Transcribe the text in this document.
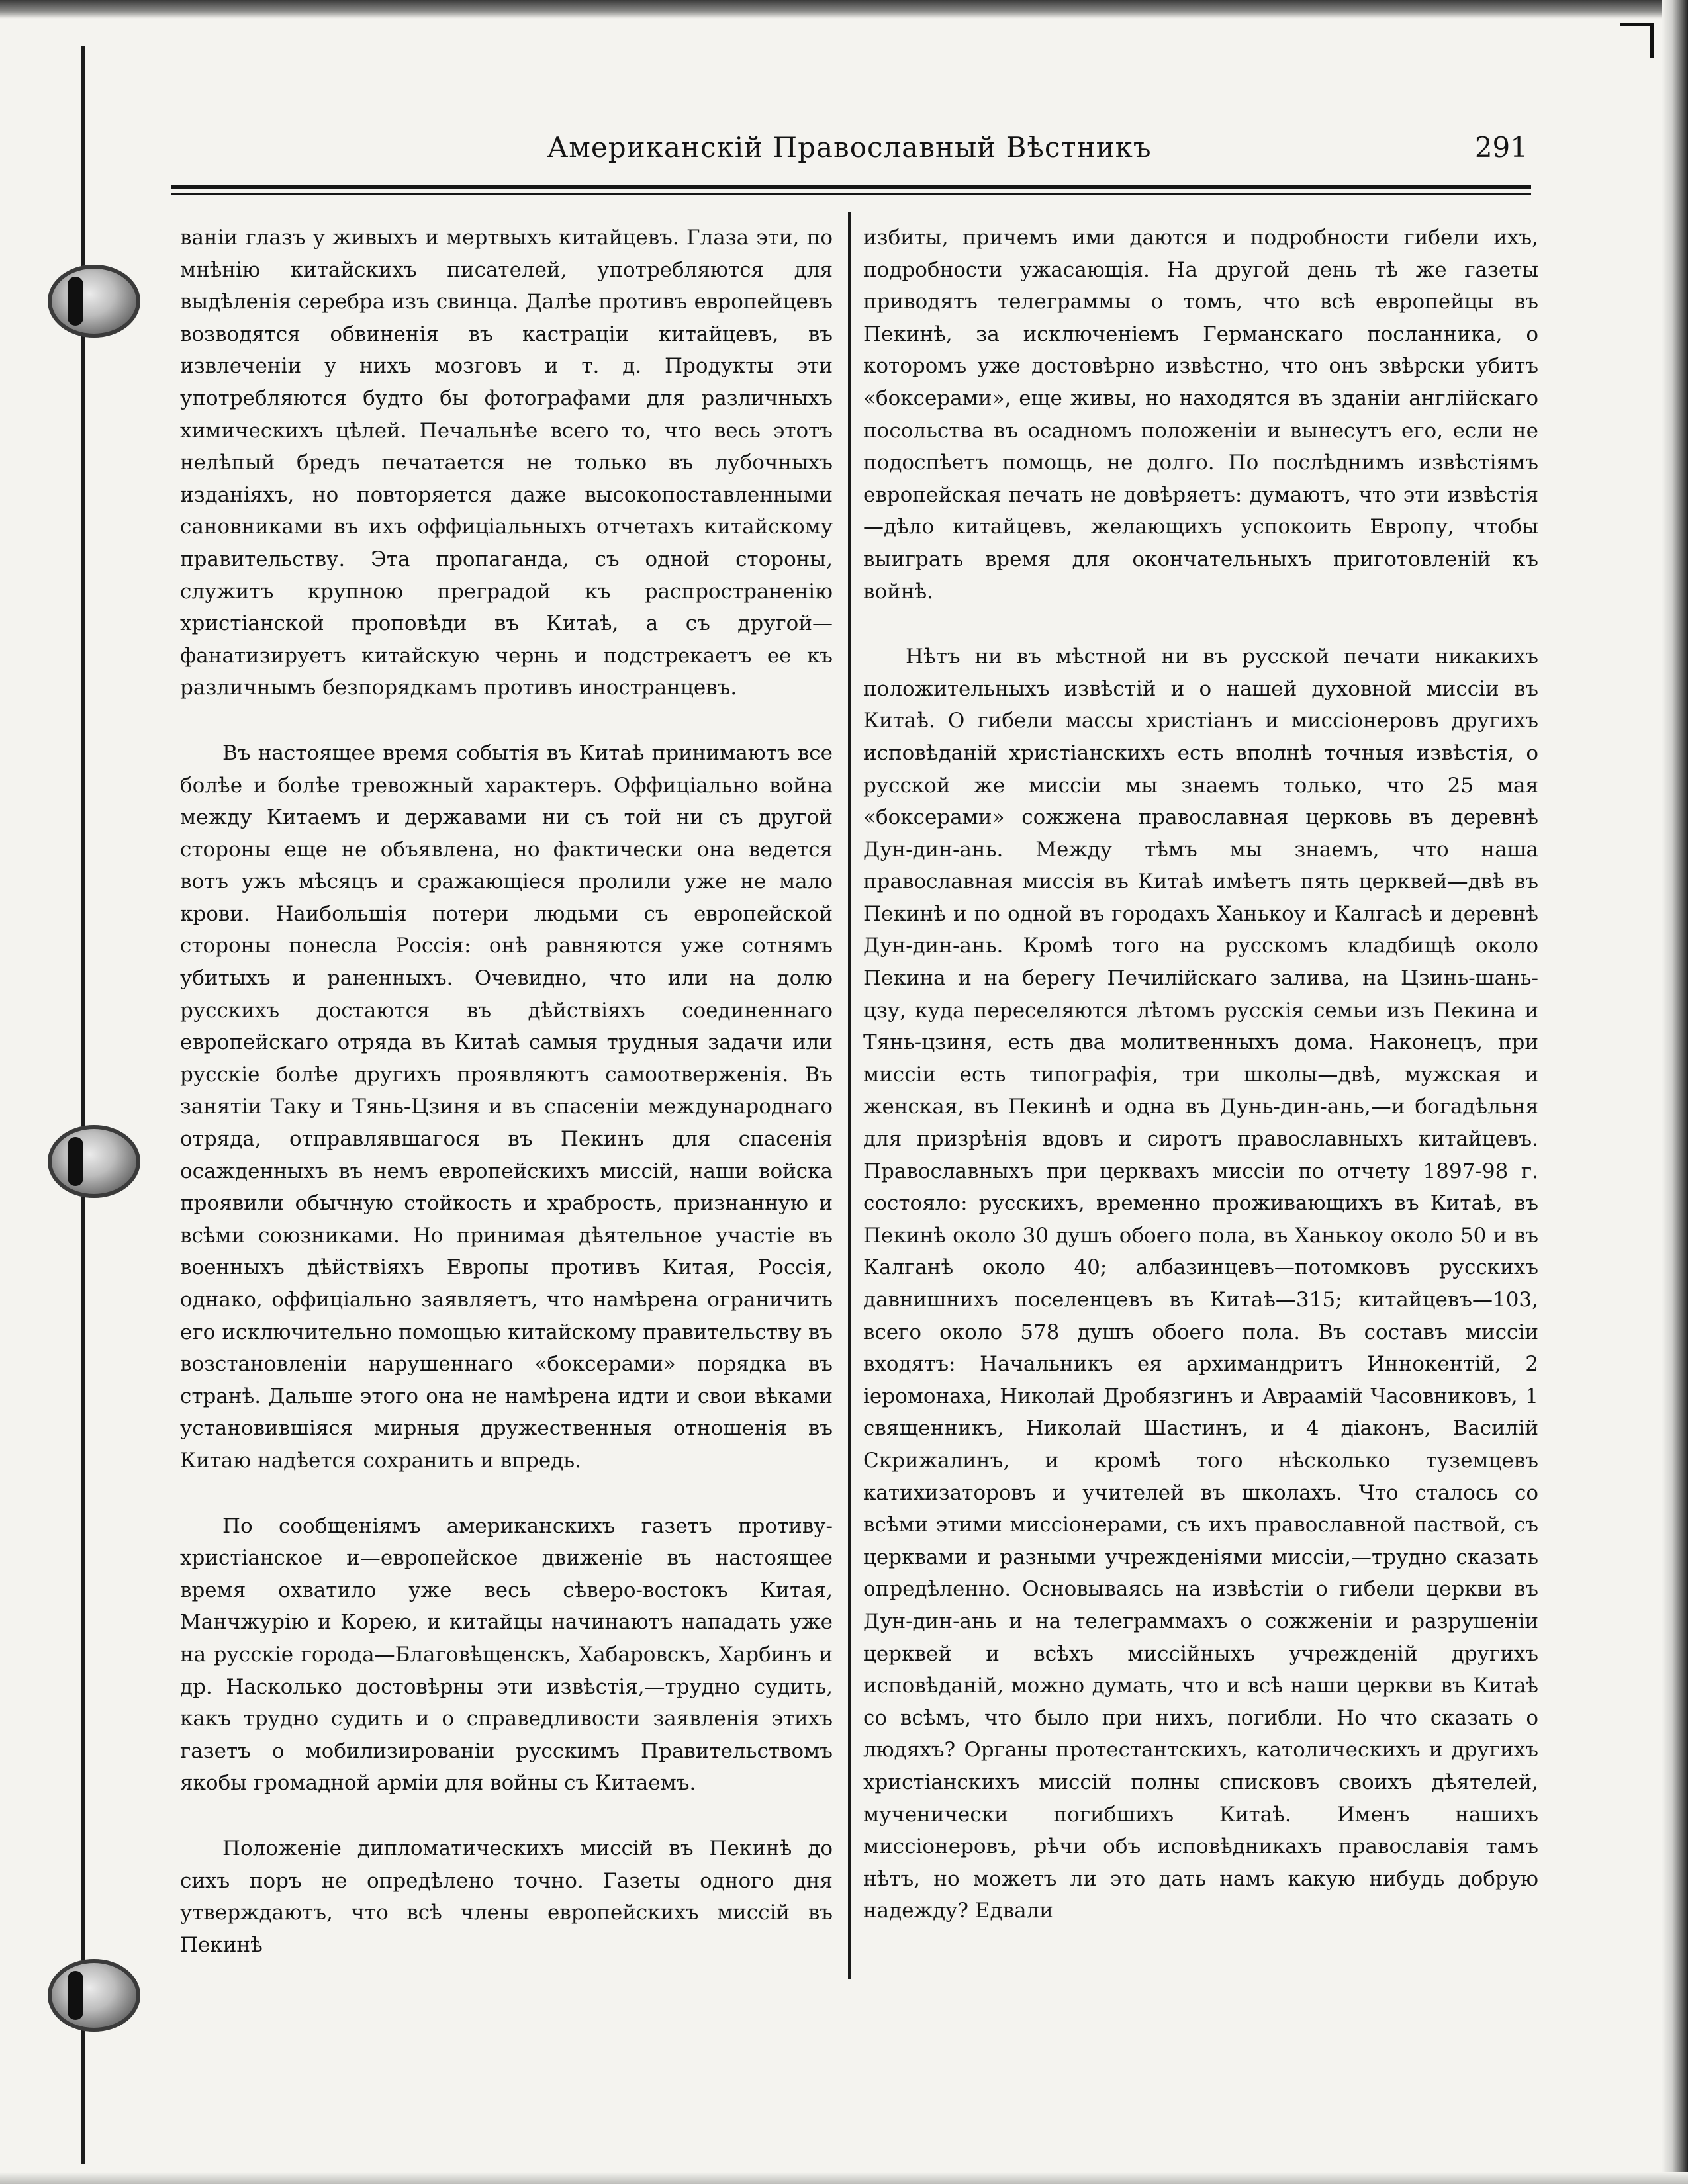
Американскій Православный Вѣстникъ	291

ваніи глазъ у живыхъ и мертвыхъ китайцевъ. Глаза эти, по мнѣнію китайскихъ писателей, употребляются для выдѣленія серебра изъ свинца. Далѣе противъ европейцевъ возводятся обвиненія въ кастраціи китайцевъ, въ извлеченіи у нихъ мозговъ и т. д. Продукты эти употребляются будто бы фотографами для различныхъ химическихъ цѣлей. Печальнѣе всего то, что весь этотъ нелѣпый бредъ печатается не только въ лубочныхъ изданіяхъ, но повторяется даже высокопоставленными сановниками въ ихъ оффиціальныхъ отчетахъ китайскому правительству. Эта пропаганда, съ одной стороны, служитъ крупною преградой къ распространенію христіанской проповѣди въ Китаѣ, а съ другой—фанатизируетъ китайскую чернь и подстрекаетъ ее къ различнымъ безпорядкамъ противъ иностранцевъ.

Въ настоящее время событія въ Китаѣ принимаютъ все болѣе и болѣе тревожный характеръ. Оффиціально война между Китаемъ и державами ни съ той ни съ другой стороны еще не объявлена, но фактически она ведется вотъ ужъ мѣсяцъ и сражающіеся пролили уже не мало крови. Наибольшія потери людьми съ европейской стороны понесла Россія: онѣ равняются уже сотнямъ убитыхъ и раненныхъ. Очевидно, что или на долю русскихъ достаются въ дѣйствіяхъ соединеннаго европейскаго отряда въ Китаѣ самыя трудныя задачи или русскіе болѣе другихъ проявляютъ самоотверженія. Въ занятіи Таку и Тянь-Цзиня и въ спасеніи международнаго отряда, отправлявшагося въ Пекинъ для спасенія осажденныхъ въ немъ европейскихъ миссій, наши войска проявили обычную стойкость и храбрость, признанную и всѣми союзниками. Но принимая дѣятельное участіе въ военныхъ дѣйствіяхъ Европы противъ Китая, Россія, однако, оффиціально заявляетъ, что намѣрена ограничить его исключительно помощью китайскому правительству въ возстановленіи нарушеннаго «боксерами» порядка въ странѣ. Дальше этого она не намѣрена идти и свои вѣками установившіяся мирныя дружественныя отношенія въ Китаю надѣется сохранить и впредь.

По сообщеніямъ американскихъ газетъ противу-христіанское и—европейское движеніе въ настоящее время охватило уже весь сѣверо-востокъ Китая, Манчжурію и Корею, и китайцы начинаютъ нападать уже на русскіе города—Благовѣщенскъ, Хабаровскъ, Харбинъ и др. Насколько достовѣрны эти извѣстія,—трудно судить, какъ трудно судить и о справедливости заявленія этихъ газетъ о мобилизированіи русскимъ Правительствомъ якобы громадной арміи для войны съ Китаемъ.

Положеніе дипломатическихъ миссій въ Пекинѣ до сихъ поръ не опредѣлено точно. Газеты одного дня утверждаютъ, что всѣ члены европейскихъ миссій въ Пекинѣ

избиты, причемъ ими даются и подробности гибели ихъ, подробности ужасающія. На другой день тѣ же газеты приводятъ телеграммы о томъ, что всѣ европейцы въ Пекинѣ, за исключеніемъ Германскаго посланника, о которомъ уже достовѣрно извѣстно, что онъ звѣрски убитъ «боксерами», еще живы, но находятся въ зданіи англійскаго посольства въ осадномъ положеніи и вынесутъ его, если не подоспѣетъ помощь, не долго. По послѣднимъ извѣстіямъ европейская печать не довѣряетъ: думаютъ, что эти извѣстія—дѣло китайцевъ, желающихъ успокоить Европу, чтобы выиграть время для окончательныхъ приготовленій къ войнѣ.

Нѣтъ ни въ мѣстной ни въ русской печати никакихъ положительныхъ извѣстій и о нашей духовной миссіи въ Китаѣ. О гибели массы христіанъ и миссіонеровъ другихъ исповѣданій христіанскихъ есть вполнѣ точныя извѣстія, о русской же миссіи мы знаемъ только, что 25 мая «боксерами» сожжена православная церковь въ деревнѣ Дун-дин-ань. Между тѣмъ мы знаемъ, что наша православная миссія въ Китаѣ имѣетъ пять церквей—двѣ въ Пекинѣ и по одной въ городахъ Ханькоу и Калгасѣ и деревнѣ Дун-дин-ань. Кромѣ того на русскомъ кладбищѣ около Пекина и на берегу Печилійскаго залива, на Цзинь-шань-цзу, куда переселяются лѣтомъ русскія семьи изъ Пекина и Тянь-цзиня, есть два молитвенныхъ дома. Наконецъ, при миссіи есть типографія, три школы—двѣ, мужская и женская, въ Пекинѣ и одна въ Дунь-дин-ань,—и богадѣльня для призрѣнія вдовъ и сиротъ православныхъ китайцевъ. Православныхъ при церквахъ миссіи по отчету 1897-98 г. состояло: русскихъ, временно проживающихъ въ Китаѣ, въ Пекинѣ около 30 душъ обоего пола, въ Ханькоу около 50 и въ Калганѣ около 40; албазинцевъ—потомковъ русскихъ давнишнихъ поселенцевъ въ Китаѣ—315; китайцевъ—103, всего около 578 душъ обоего пола. Въ составъ миссіи входятъ: Начальникъ ея архимандритъ Иннокентій, 2 іеромонаха, Николай Дробязгинъ и Авраамій Часовниковъ, 1 священникъ, Николай Шастинъ, и 4 діаконъ, Василій Скрижалинъ, и кромѣ того нѣсколько туземцевъ катихизаторовъ и учителей въ школахъ. Что сталось со всѣми этими миссіонерами, съ ихъ православной паствой, съ церквами и разными учрежденіями миссіи,—трудно сказать опредѣленно. Основываясь на извѣстіи о гибели церкви въ Дун-дин-ань и на телеграммахъ о сожженіи и разрушеніи церквей и всѣхъ миссійныхъ учрежденій другихъ исповѣданій, можно думать, что и всѣ наши церкви въ Китаѣ со всѣмъ, что было при нихъ, погибли. Но что сказать о людяхъ? Органы протестантскихъ, католическихъ и другихъ христіанскихъ миссій полны списковъ своихъ дѣятелей, мученически погибшихъ Китаѣ. Именъ нашихъ миссіонеровъ, рѣчи объ исповѣдникахъ православія тамъ нѣтъ, но можетъ ли это дать намъ какую нибудь добрую надежду? Едвали
